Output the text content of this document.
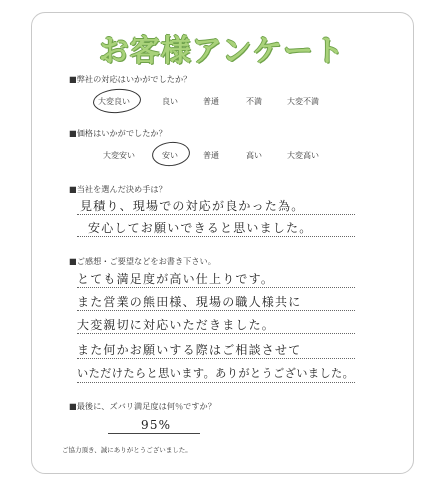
お客様アンケート
■弊社の対応はいかがでしたか？
大変良い	良い	普通	不満	大変不満
■価格はいかがでしたか？
大変安い	安い	普通	高い	大変高い
■当社を選んだ決め手は？
見積り、現場での対応が良かった為。
安心してお願いできると思いました。
■ご感想・ご要望などをお書き下さい。
とても満足度が高い仕上りです。
また営業の熊田様、現場の職人様共に
大変親切に対応いただきました。
また何かお願いする際はご相談させて
いただけたらと思います。ありがとうございました。
■最後に、ズバリ満足度は何％ですか？
95%
ご協力頂き、誠にありがとうございました。
